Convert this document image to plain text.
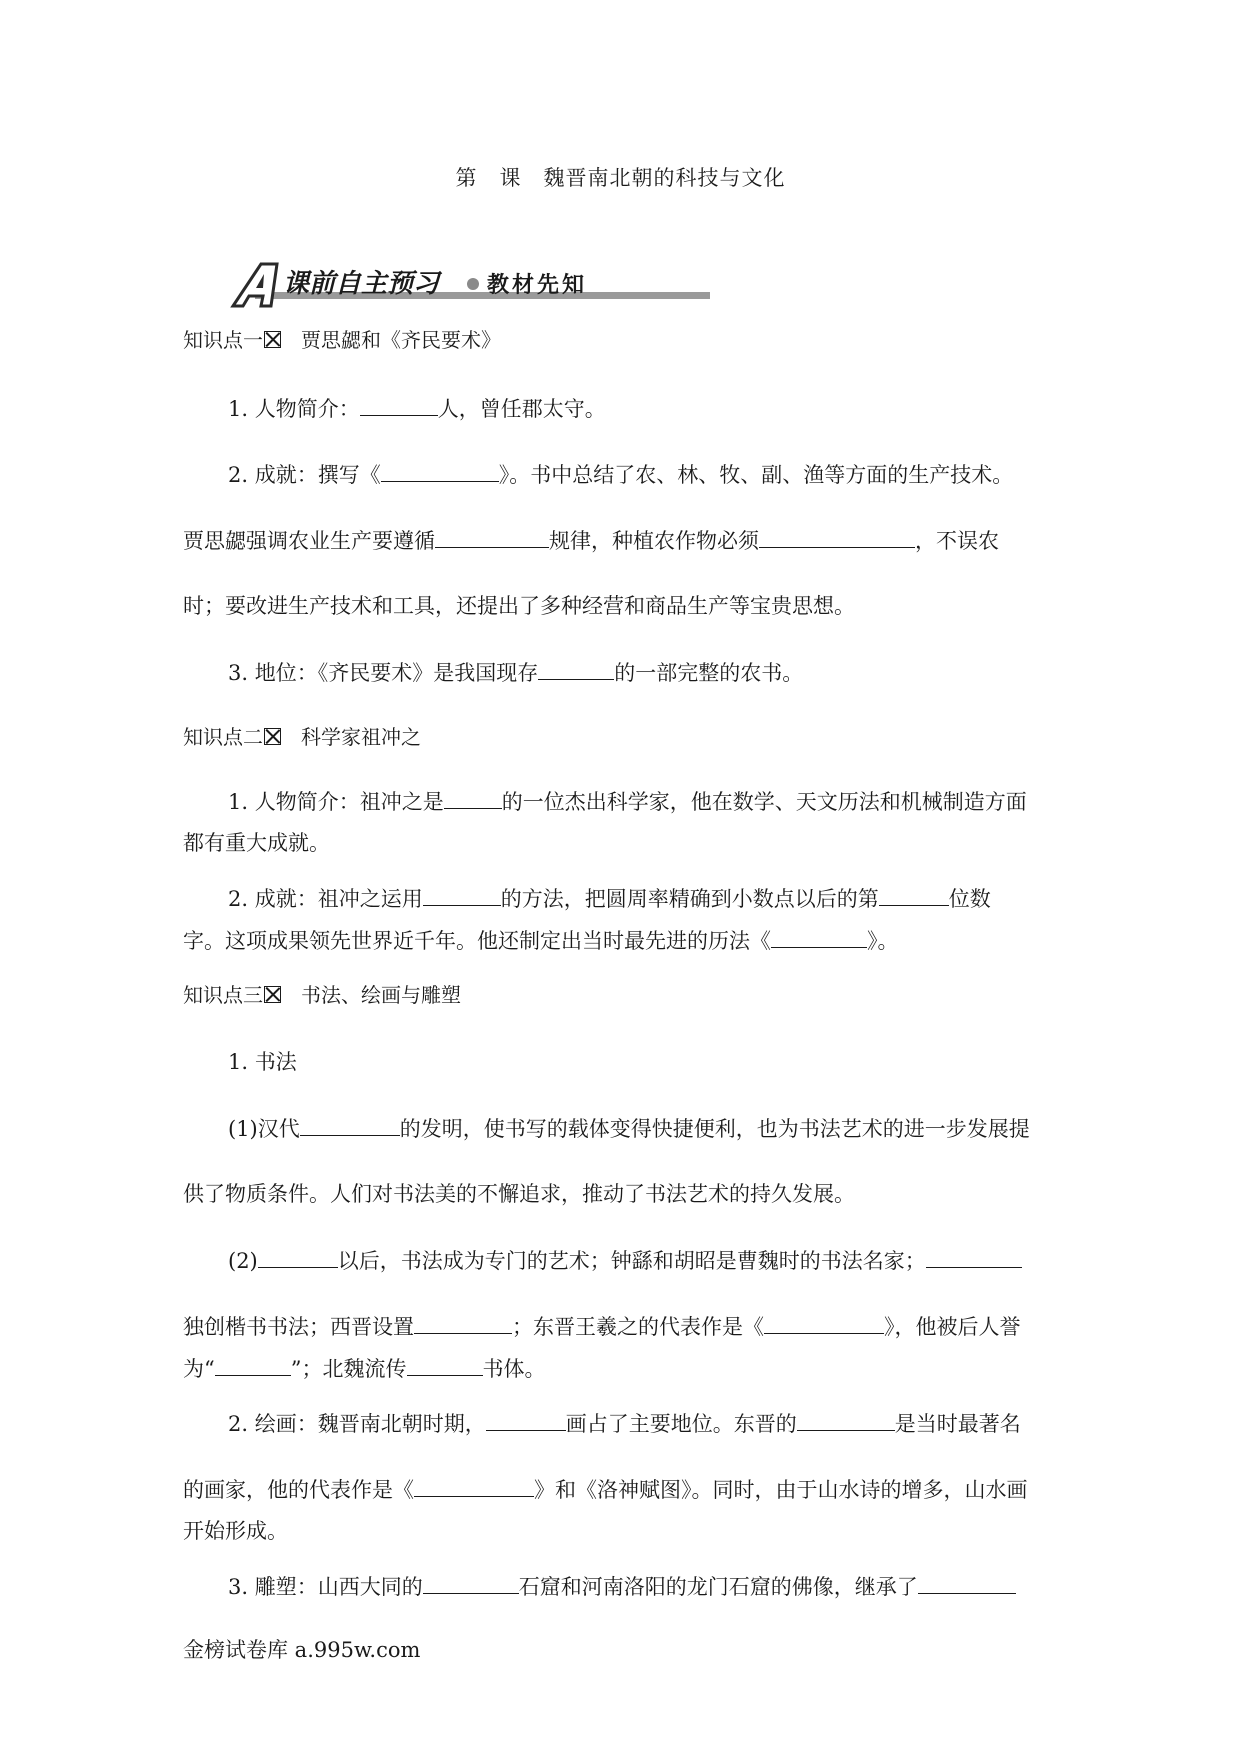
第 课 魏晋南北朝的科技与文化
课前自主预习 教材先知
知识点一 贾思勰和《齐民要术》
1. 人物简介：	人，曾任郡太守。
2. 成就：撰写《	》。书中总结了农、林、牧、副、渔等方面的生产技术。
贾思勰强调农业生产要遵循	规律，种植农作物必须	，不误农
时；要改进生产技术和工具，还提出了多种经营和商品生产等宝贵思想。
3. 地位：《齐民要术》是我国现存	的一部完整的农书。
知识点二 科学家祖冲之
1. 人物简介：祖冲之是	的一位杰出科学家，他在数学、天文历法和机械制造方面
都有重大成就。
2. 成就：祖冲之运用	的方法，把圆周率精确到小数点以后的第	位数
字。这项成果领先世界近千年。他还制定出当时最先进的历法《	》。
知识点三 书法、绘画与雕塑
1. 书法
(1)汉代	的发明，使书写的载体变得快捷便利，也为书法艺术的进一步发展提
供了物质条件。人们对书法美的不懈追求，推动了书法艺术的持久发展。
(2)	以后，书法成为专门的艺术；钟繇和胡昭是曹魏时的书法名家；
独创楷书书法；西晋设置	；东晋王羲之的代表作是《	》，他被后人誉
为“	”；北魏流传	书体。
2. 绘画：魏晋南北朝时期，	画占了主要地位。东晋的	是当时最著名
的画家，他的代表作是《	》和《洛神赋图》。同时，由于山水诗的增多，山水画
开始形成。
3. 雕塑：山西大同的	石窟和河南洛阳的龙门石窟的佛像，继承了
金榜试卷库 a.995w.com
